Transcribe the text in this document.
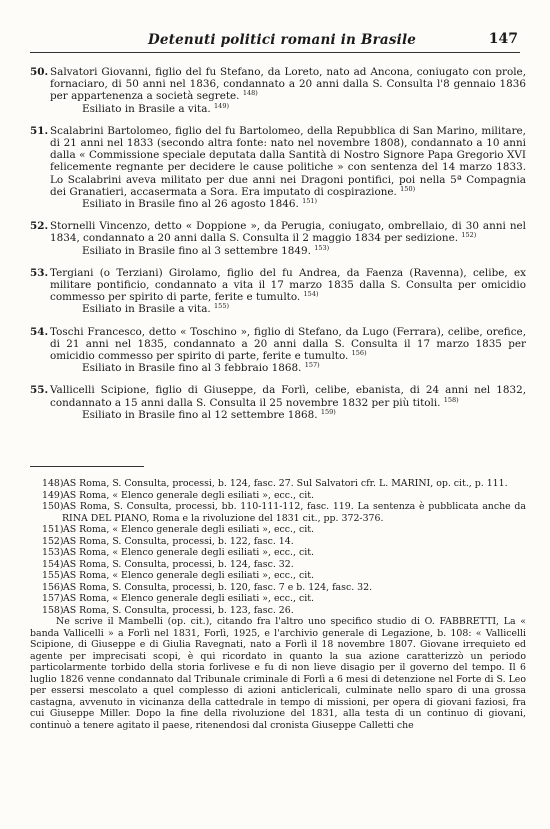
Detenuti politici romani in Brasile	147
50. Salvatori Giovanni, figlio del fu Stefano, da Loreto, nato ad Ancona, coniugato con prole, fornaciaro, di 50 anni nel 1836, condannato a 20 anni dalla S. Consulta l'8 gennaio 1836 per appartenenza a società segrete. $^{148)}$
Esiliato in Brasile a vita. $^{149)}$
51. Scalabrini Bartolomeo, figlio del fu Bartolomeo, della Repubblica di San Marino, militare, di 21 anni nel 1833 (secondo altra fonte: nato nel novembre 1808), condannato a 10 anni dalla « Commissione speciale deputata dalla Santità di Nostro Signore Papa Gregorio XVI felicemente regnante per decidere le cause politiche » con sentenza del 14 marzo 1833. Lo Scalabrini aveva militato per due anni nei Dragoni pontifici, poi nella 5ª Compagnia dei Granatieri, accasermata a Sora. Era imputato di cospirazione. $^{150)}$
Esiliato in Brasile fino al 26 agosto 1846. $^{151)}$
52. Stornelli Vincenzo, detto « Doppione », da Perugia, coniugato, ombrellaio, di 30 anni nel 1834, condannato a 20 anni dalla S. Consulta il 2 maggio 1834 per sedizione. $^{152)}$
Esiliato in Brasile fino al 3 settembre 1849. $^{153)}$
53. Tergiani (o Terziani) Girolamo, figlio del fu Andrea, da Faenza (Ravenna), celibe, ex militare pontificio, condannato a vita il 17 marzo 1835 dalla S. Consulta per omicidio commesso per spirito di parte, ferite e tumulto. $^{154)}$
Esiliato in Brasile a vita. $^{155)}$
54. Toschi Francesco, detto « Toschino », figlio di Stefano, da Lugo (Ferrara), celibe, orefice, di 21 anni nel 1835, condannato a 20 anni dalla S. Consulta il 17 marzo 1835 per omicidio commesso per spirito di parte, ferite e tumulto. $^{156)}$
Esiliato in Brasile fino al 3 febbraio 1868. $^{157)}$
55. Vallicelli Scipione, figlio di Giuseppe, da Forlì, celibe, ebanista, di 24 anni nel 1832, condannato a 15 anni dalla S. Consulta il 25 novembre 1832 per più titoli. $^{158)}$
Esiliato in Brasile fino al 12 settembre 1868. $^{159)}$
148)AS Roma, S. Consulta, processi, b. 124, fasc. 27. Sul Salvatori cfr. L. MARINI, op. cit., p. 111.
149)AS Roma, « Elenco generale degli esiliati », ecc., cit.
150)AS Roma, S. Consulta, processi, bb. 110-111-112, fasc. 119. La sentenza è pubblicata anche da RINA DEL PIANO, Roma e la rivoluzione del 1831 cit., pp. 372-376.
151)AS Roma, « Elenco generale degli esiliati », ecc., cit.
152)AS Roma, S. Consulta, processi, b. 122, fasc. 14.
153)AS Roma, « Elenco generale degli esiliati », ecc., cit.
154)AS Roma, S. Consulta, processi, b. 124, fasc. 32.
155)AS Roma, « Elenco generale degli esiliati », ecc., cit.
156)AS Roma, S. Consulta, processi, b. 120, fasc. 7 e b. 124, fasc. 32.
157)AS Roma, « Elenco generale degli esiliati », ecc., cit.
158)AS Roma, S. Consulta, processi, b. 123, fasc. 26.
Ne scrive il Mambelli (op. cit.), citando fra l'altro uno specifico studio di O. FABBRETTI, La « banda Vallicelli » a Forlì nel 1831, Forlì, 1925, e l'archivio generale di Legazione, b. 108: « Vallicelli Scipione, di Giuseppe e di Giulia Ravegnati, nato a Forlì il 18 novembre 1807. Giovane irrequieto ed agente per imprecisati scopi, è qui ricordato in quanto la sua azione caratterizzò un periodo particolarmente torbido della storia forlivese e fu di non lieve disagio per il governo del tempo. Il 6 luglio 1826 venne condannato dal Tribunale criminale di Forlì a 6 mesi di detenzione nel Forte di S. Leo per essersi mescolato a quel complesso di azioni anticlericali, culminate nello sparo di una grossa castagna, avvenuto in vicinanza della cattedrale in tempo di missioni, per opera di giovani faziosi, fra cui Giuseppe Miller. Dopo la fine della rivoluzione del 1831, alla testa di un continuo di giovani, continuò a tenere agitato il paese, ritenendosi dal cronista Giuseppe Calletti che
